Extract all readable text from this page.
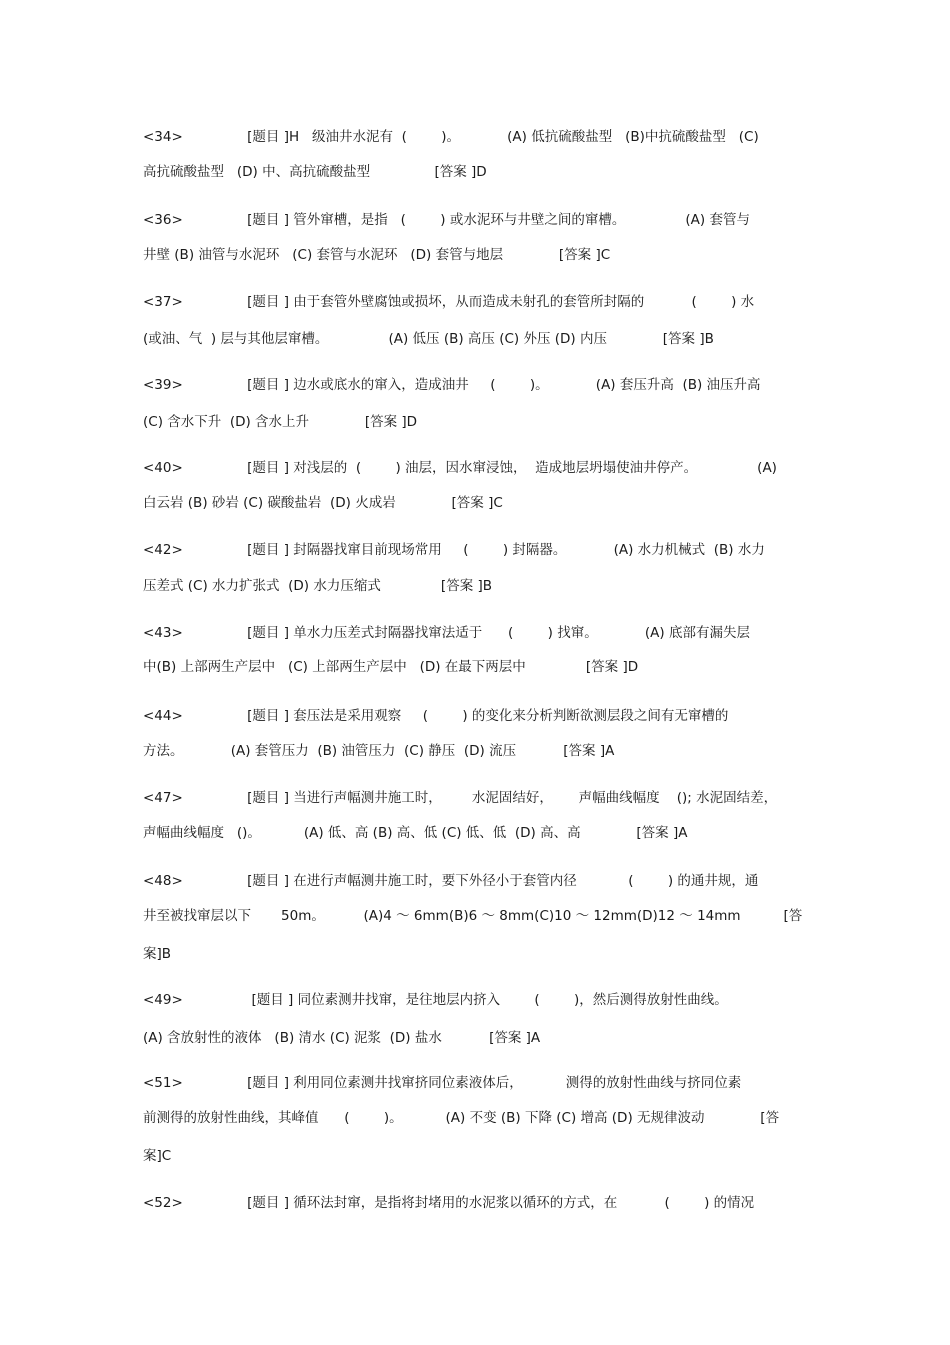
<34>               [题目 ]H   级油井水泥有  (        )。           (A) 低抗硫酸盐型   (B)中抗硫酸盐型   (C)
高抗硫酸盐型   (D) 中、高抗硫酸盐型               [答案 ]D
<36>               [题目 ] 管外窜槽，是指   (        ) 或水泥环与井壁之间的窜槽。              (A) 套管与
井壁 (B) 油管与水泥环   (C) 套管与水泥环   (D) 套管与地层             [答案 ]C
<37>               [题目 ] 由于套管外壁腐蚀或损坏，从而造成未射孔的套管所封隔的           (        ) 水
(或油、气  ) 层与其他层窜槽。              (A) 低压 (B) 高压 (C) 外压 (D) 内压             [答案 ]B
<39>               [题目 ] 边水或底水的窜入，造成油井     (        )。           (A) 套压升高  (B) 油压升高
(C) 含水下升  (D) 含水上升             [答案 ]D
<40>               [题目 ] 对浅层的  (        ) 油层，因水窜浸蚀，  造成地层坍塌使油井停产。              (A)
白云岩 (B) 砂岩 (C) 碳酸盐岩  (D) 火成岩             [答案 ]C
<42>               [题目 ] 封隔器找窜目前现场常用     (        ) 封隔器。           (A) 水力机械式  (B) 水力
压差式 (C) 水力扩张式  (D) 水力压缩式              [答案 ]B
<43>               [题目 ] 单水力压差式封隔器找窜法适于      (        ) 找窜。           (A) 底部有漏失层
中(B) 上部两生产层中   (C) 上部两生产层中   (D) 在最下两层中              [答案 ]D
<44>               [题目 ] 套压法是采用观察     (        ) 的变化来分析判断欲测层段之间有无窜槽的
方法。           (A) 套管压力  (B) 油管压力  (C) 静压  (D) 流压           [答案 ]A
<47>               [题目 ] 当进行声幅测井施工时，       水泥固结好，      声幅曲线幅度    (); 水泥固结差，
声幅曲线幅度   ()。          (A) 低、高 (B) 高、低 (C) 低、低  (D) 高、高             [答案 ]A
<48>               [题目 ] 在进行声幅测井施工时，要下外径小于套管内径            (        ) 的通井规，通
井至被找窜层以下       50m。         (A)4 ～ 6mm(B)6 ～ 8mm(C)10 ～ 12mm(D)12 ～ 14mm          [答
案]B
<49>                [题目 ] 同位素测井找窜，是往地层内挤入        (        )，然后测得放射性曲线。
(A) 含放射性的液体   (B) 清水 (C) 泥浆  (D) 盐水           [答案 ]A
<51>               [题目 ] 利用同位素测井找窜挤同位素液体后，          测得的放射性曲线与挤同位素
前测得的放射性曲线，其峰值      (        )。          (A) 不变 (B) 下降 (C) 增高 (D) 无规律波动             [答
案]C
<52>               [题目 ] 循环法封窜，是指将封堵用的水泥浆以循环的方式，在           (        ) 的情况
